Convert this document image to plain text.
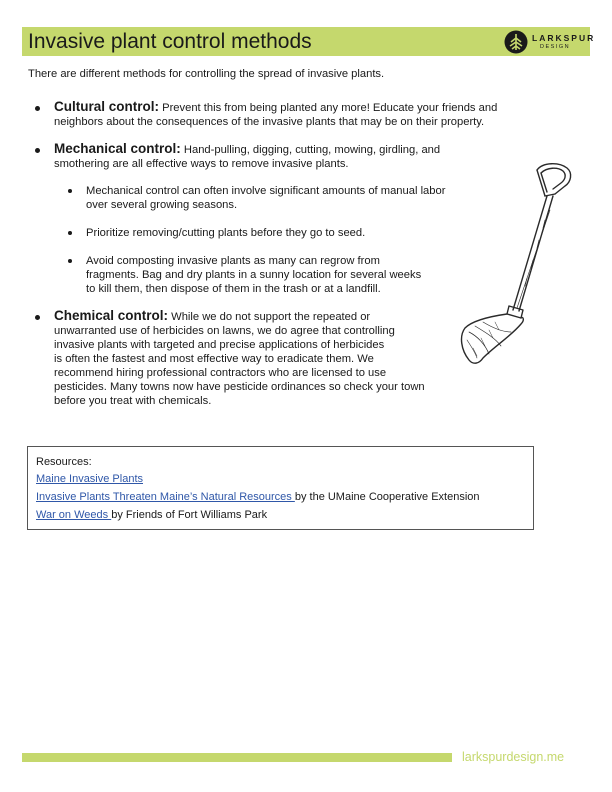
Invasive plant control methods	LARKSPUR
DESIGN
There are different methods for controlling the spread of invasive plants.
Cultural control: Prevent this from being planted any more! Educate your friends and
neighbors about the consequences of the invasive plants that may be on their property.
Mechanical control: Hand-pulling, digging, cutting, mowing, girdling, and
smothering are all effective ways to remove invasive plants.
Mechanical control can often involve significant amounts of manual labor
over several growing seasons.
Prioritize removing/cutting plants before they go to seed.
Avoid composting invasive plants as many can regrow from
fragments. Bag and dry plants in a sunny location for several weeks
to kill them, then dispose of them in the trash or at a landfill.
Chemical control: While we do not support the repeated or
unwarranted use of herbicides on lawns, we do agree that controlling
invasive plants with targeted and precise applications of herbicides
is often the fastest and most effective way to eradicate them. We
recommend hiring professional contractors who are licensed to use
pesticides. Many towns now have pesticide ordinances so check your town
before you treat with chemicals.
Resources:
Maine Invasive Plants
Invasive Plants Threaten Maine’s Natural Resources by the UMaine Cooperative Extension
War on Weeds by Friends of Fort Williams Park
larkspurdesign.me
